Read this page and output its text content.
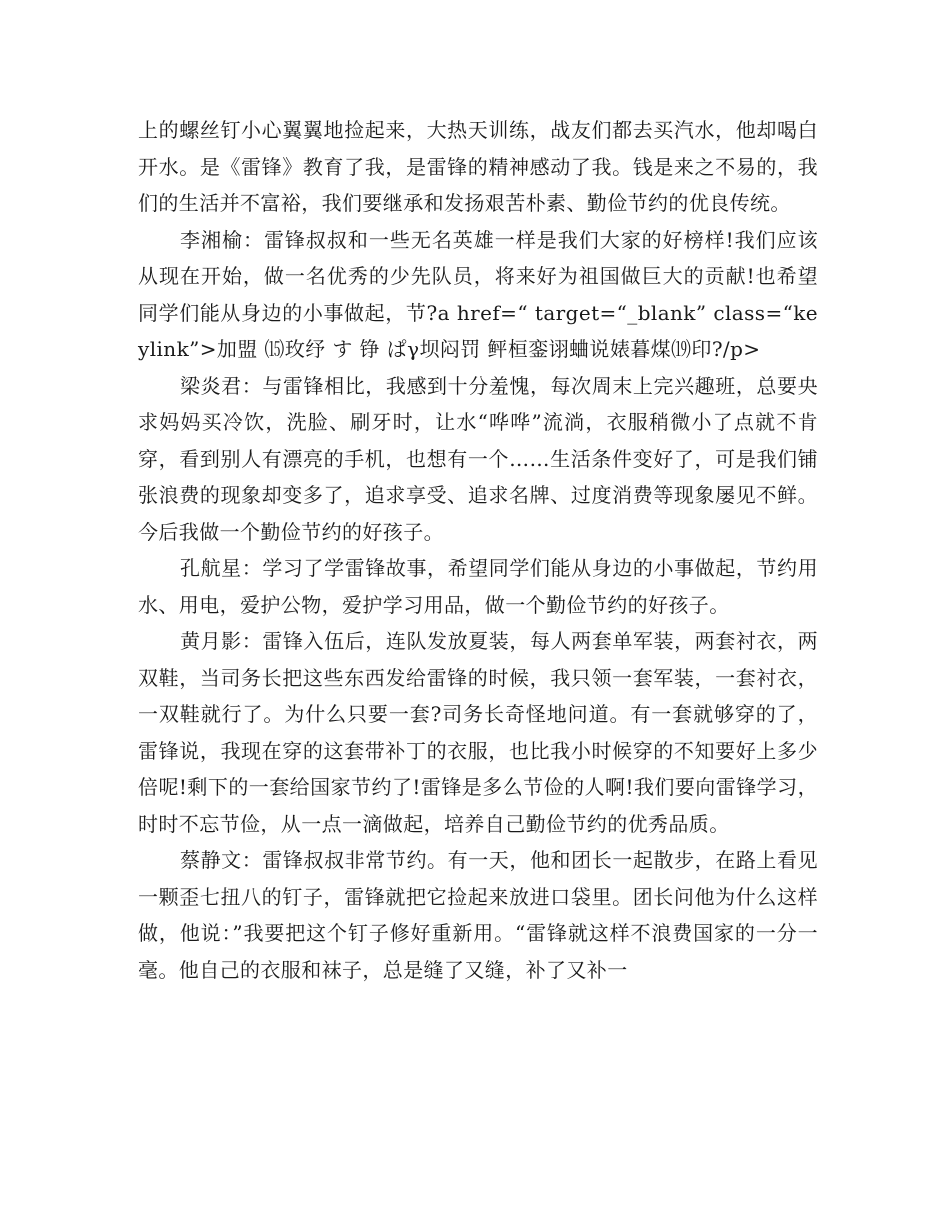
上的螺丝钉小心翼翼地捡起来，大热天训练，战友们都去买汽水，他却喝白开水。是《雷锋》教育了我，是雷锋的精神感动了我。钱是来之不易的，我们的生活并不富裕，我们要继承和发扬艰苦朴素、勤俭节约的优良传统。

李湘榆：雷锋叔叔和一些无名英雄一样是我们大家的好榜样!我们应该从现在开始，做一名优秀的少先队员，将来好为祖国做巨大的贡献!也希望同学们能从身边的小事做起，节?a href=“ target=“_blank” class=“keylink”>加盟 ⒂玫纾 す 铮 ぱγ坝闷罚 鲆桓銮诩蛐说婊暮煤⒆印?/p>

梁炎君：与雷锋相比，我感到十分羞愧，每次周末上完兴趣班，总要央求妈妈买冷饮，洗脸、刷牙时，让水“哗哗”流淌，衣服稍微小了点就不肯穿，看到别人有漂亮的手机，也想有一个……生活条件变好了，可是我们铺张浪费的现象却变多了，追求享受、追求名牌、过度消费等现象屡见不鲜。今后我做一个勤俭节约的好孩子。

孔航星：学习了学雷锋故事，希望同学们能从身边的小事做起，节约用水、用电，爱护公物，爱护学习用品，做一个勤俭节约的好孩子。

黄月影：雷锋入伍后，连队发放夏装，每人两套单军装，两套衬衣，两双鞋，当司务长把这些东西发给雷锋的时候，我只领一套军装，一套衬衣，一双鞋就行了。为什么只要一套?司务长奇怪地问道。有一套就够穿的了，雷锋说，我现在穿的这套带补丁的衣服，也比我小时候穿的不知要好上多少倍呢!剩下的一套给国家节约了!雷锋是多么节俭的人啊!我们要向雷锋学习，时时不忘节俭，从一点一滴做起，培养自己勤俭节约的优秀品质。

蔡静文：雷锋叔叔非常节约。有一天，他和团长一起散步，在路上看见一颗歪七扭八的钉子，雷锋就把它捡起来放进口袋里。团长问他为什么这样做，他说：”我要把这个钉子修好重新用。“雷锋就这样不浪费国家的一分一毫。他自己的衣服和袜子，总是缝了又缝，补了又补一
